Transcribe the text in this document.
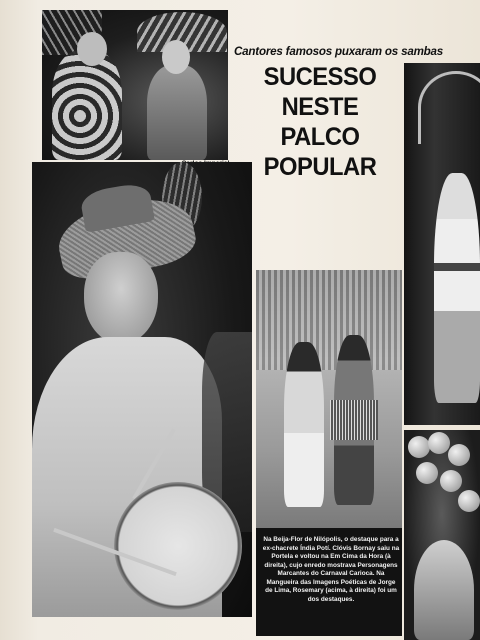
Cantores famosos puxaram os sambas
SUCESSO
NESTE
PALCO
POPULAR
Na Beija-Flor de Nilópolis, o destaque para a ex-chacrete Índia Potí. Clóvis Bornay saiu na Portela e voltou na Em Cima da Hora (à direita), cujo enredo mostrava Personagens Marcantes do Carnaval Carioca. Na Mangueira das Imagens Poéticas de Jorge de Lima, Rosemary (acima, à direita) foi um dos destaques.
